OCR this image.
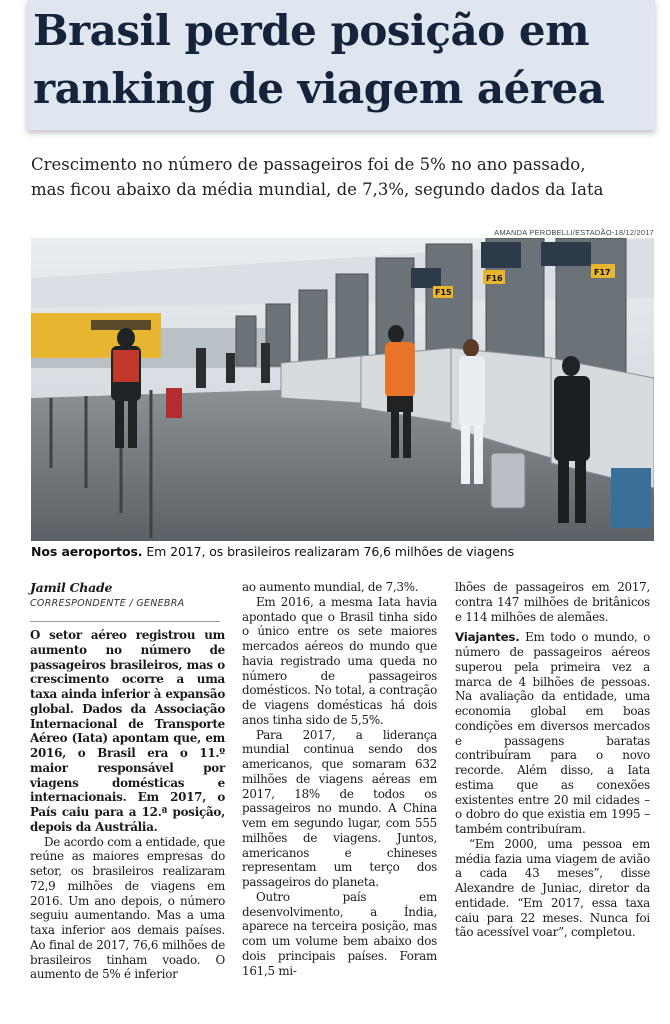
Brasil perde posição em
ranking de viagem aérea

Crescimento no número de passageiros foi de 5% no ano passado,
mas ficou abaixo da média mundial, de 7,3%, segundo dados da Iata

AMANDA PEROBELLI/ESTADÃO-18/12/2017
F16
F17
F15
Nos aeroportos. Em 2017, os brasileiros realizaram 76,6 milhões de viagens

Jamil Chade

CORRESPONDENTE / GENEBRA

O setor aéreo registrou um aumento no número de passageiros brasileiros, mas o crescimento ocorre a uma taxa ainda inferior à expansão global. Dados da Associação Internacional de Transporte Aéreo (Iata) apontam que, em 2016, o Brasil era o 11.º maior responsável por viagens domésticas e internacionais. Em 2017, o País caiu para a 12.ª posição, depois da Austrália.

De acordo com a entidade, que reúne as maiores empresas do setor, os brasileiros realizaram 72,9 milhões de viagens em 2016. Um ano depois, o número seguiu aumentando. Mas a uma taxa inferior aos demais países. Ao final de 2017, 76,6 milhões de brasileiros tinham voado. O aumento de 5% é inferior

ao aumento mundial, de 7,3%.

Em 2016, a mesma Iata havia apontado que o Brasil tinha sido o único entre os sete maiores mercados aéreos do mundo que havia registrado uma queda no número de passageiros domésticos. No total, a contração de viagens domésticas há dois anos tinha sido de 5,5%.

Para 2017, a liderança mundial continua sendo dos americanos, que somaram 632 milhões de viagens aéreas em 2017, 18% de todos os passageiros no mundo. A China vem em segundo lugar, com 555 milhões de viagens. Juntos, americanos e chineses representam um terço dos passageiros do planeta.

Outro país em desenvolvimento, a Índia, aparece na terceira posição, mas com um volume bem abaixo dos dois principais países. Foram 161,5 mi-

lhões de passageiros em 2017, contra 147 milhões de britânicos e 114 milhões de alemães.

Viajantes. Em todo o mundo, o número de passageiros aéreos superou pela primeira vez a marca de 4 bilhões de pessoas. Na avaliação da entidade, uma economia global em boas condições em diversos mercados e passagens baratas contribuíram para o novo recorde. Além disso, a Iata estima que as conexões existentes entre 20 mil cidades – o dobro do que existia em 1995 – também contribuíram.

“Em 2000, uma pessoa em média fazia uma viagem de avião a cada 43 meses”, disse Alexandre de Juniac, diretor da entidade. “Em 2017, essa taxa caiu para 22 meses. Nunca foi tão acessível voar”, completou.
